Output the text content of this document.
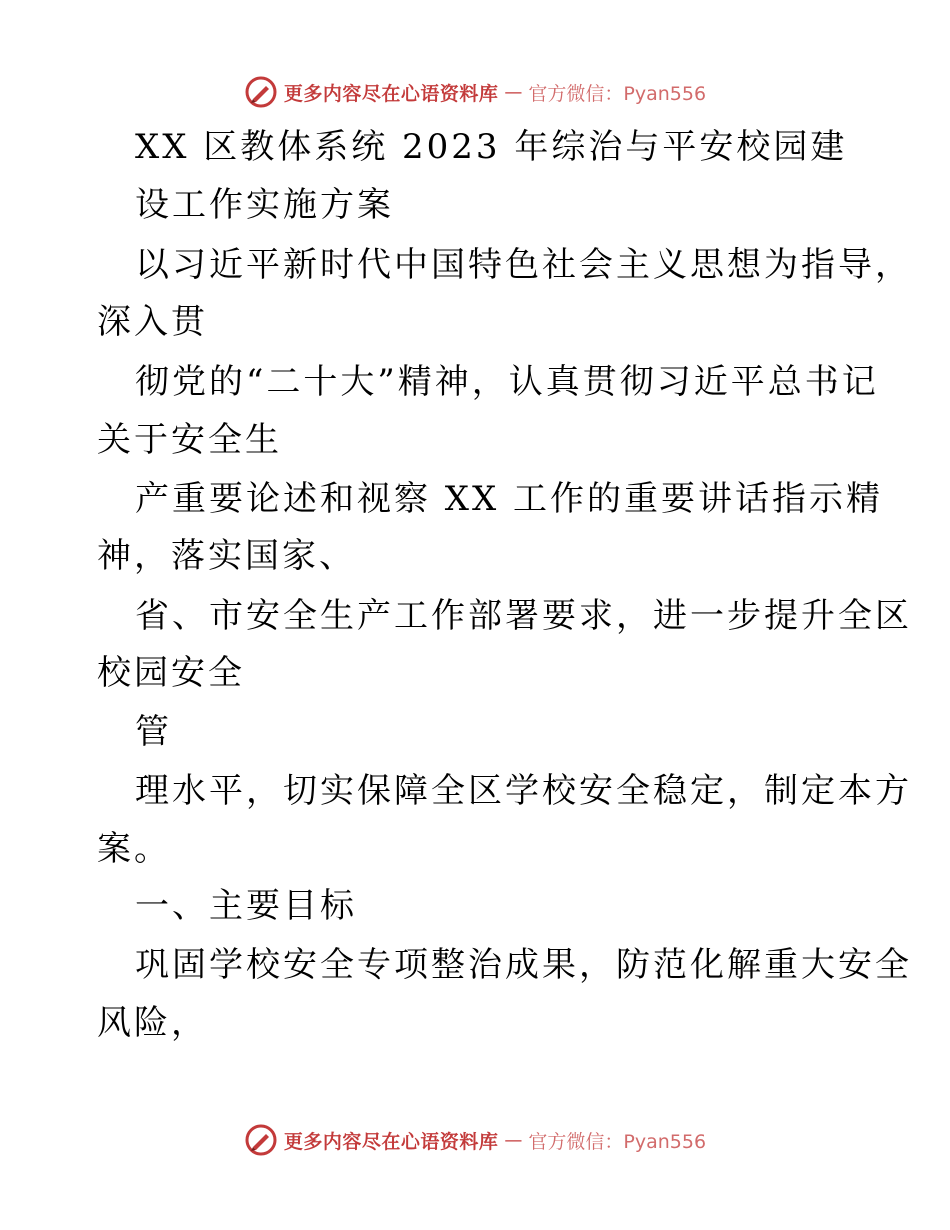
更多内容尽在心语资料库 — 官方微信：Pyan556
XX 区教体系统 2023 年综治与平安校园建
设工作实施方案
以习近平新时代中国特色社会主义思想为指导，
深入贯
彻党的“二十大”精神，认真贯彻习近平总书记
关于安全生
产重要论述和视察 XX 工作的重要讲话指示精
神，落实国家、
省、市安全生产工作部署要求，进一步提升全区
校园安全
管
理水平，切实保障全区学校安全稳定，制定本方
案。
一、主要目标
巩固学校安全专项整治成果，防范化解重大安全
风险，
更多内容尽在心语资料库 — 官方微信：Pyan556
